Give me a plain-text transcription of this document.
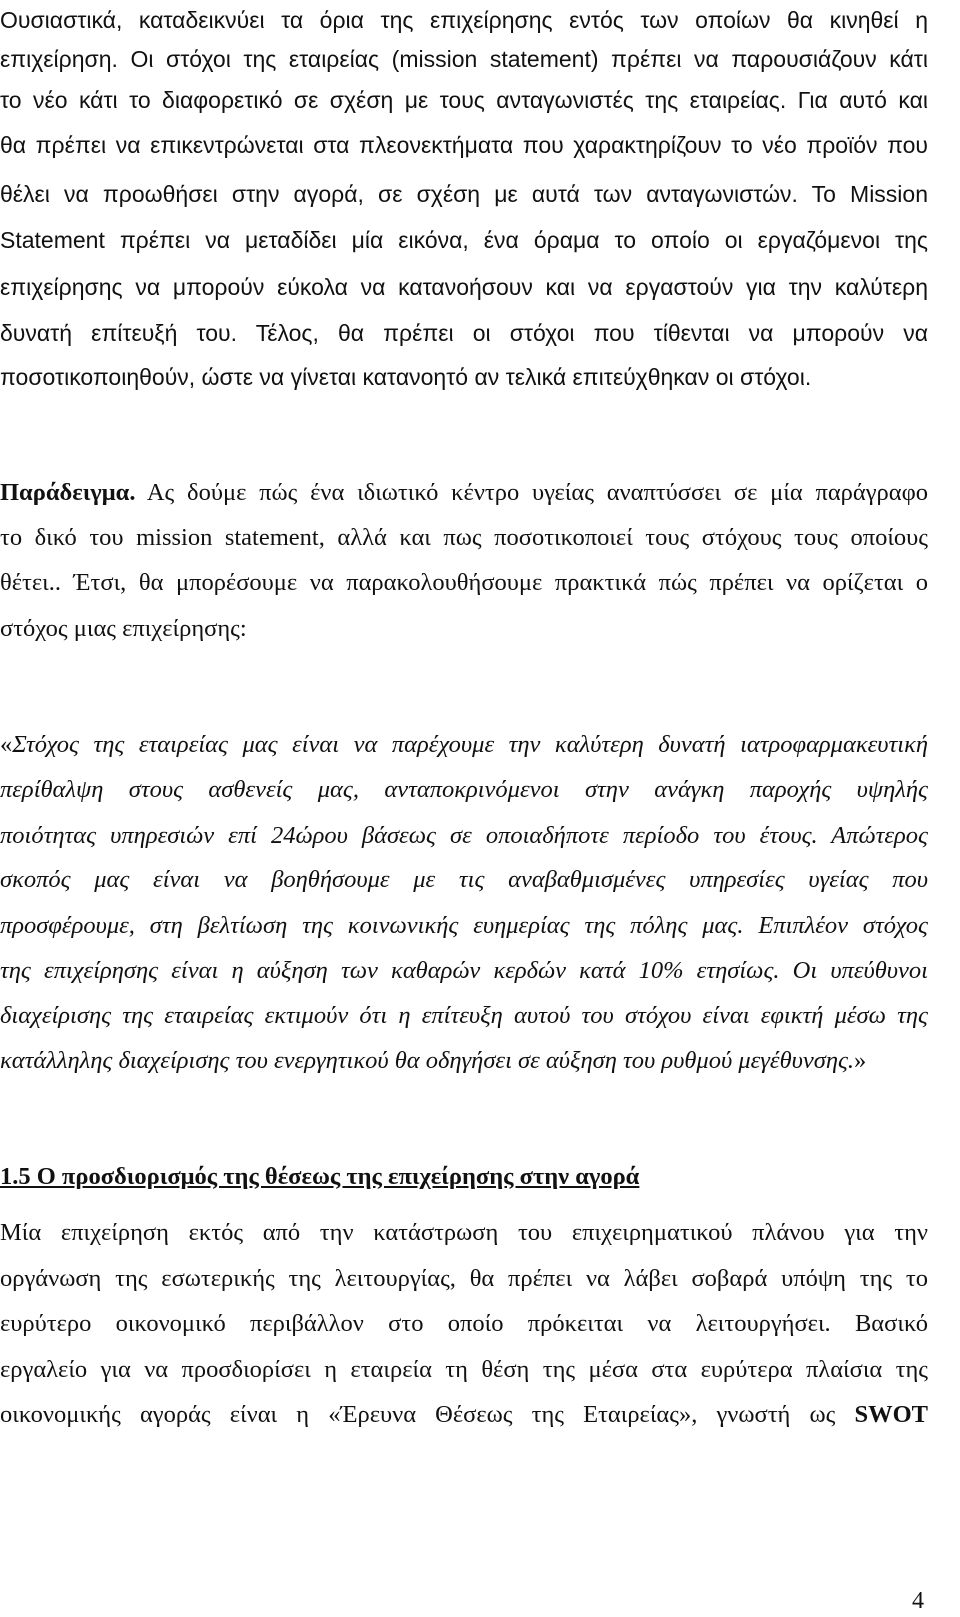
Ουσιαστικά, καταδεικνύει τα όρια της επιχείρησης εντός των οποίων θα κινηθεί η
επιχείρηση. Οι στόχοι της εταιρείας (mission statement) πρέπει να παρουσιάζουν κάτι
το νέο κάτι το διαφορετικό σε σχέση με τους ανταγωνιστές της εταιρείας. Για αυτό και
θα πρέπει να επικεντρώνεται στα πλεονεκτήματα που χαρακτηρίζουν το νέο προϊόν που
θέλει να προωθήσει στην αγορά, σε σχέση με αυτά των ανταγωνιστών. Το Mission
Statement πρέπει να μεταδίδει μία εικόνα, ένα όραμα το οποίο οι εργαζόμενοι της
επιχείρησης να μπορούν εύκολα να κατανοήσουν και να εργαστούν για την καλύτερη
δυνατή επίτευξή του. Τέλος, θα πρέπει οι στόχοι που τίθενται να μπορούν να
ποσοτικοποιηθούν, ώστε να γίνεται κατανοητό αν τελικά επιτεύχθηκαν οι στόχοι.
Παράδειγμα. Ας δούμε πώς ένα ιδιωτικό κέντρο υγείας αναπτύσσει σε μία παράγραφο
το δικό του mission statement, αλλά και πως ποσοτικοποιεί τους στόχους τους οποίους
θέτει.. Έτσι, θα μπορέσουμε να παρακολουθήσουμε πρακτικά πώς πρέπει να ορίζεται ο
στόχος μιας επιχείρησης:
«Στόχος της εταιρείας μας είναι να παρέχουμε την καλύτερη δυνατή ιατροφαρμακευτική
περίθαλψη στους ασθενείς μας, ανταποκρινόμενοι στην ανάγκη παροχής υψηλής
ποιότητας υπηρεσιών επί 24ώρου βάσεως σε οποιαδήποτε περίοδο του έτους. Απώτερος
σκοπός μας είναι να βοηθήσουμε με τις αναβαθμισμένες υπηρεσίες υγείας που
προσφέρουμε, στη βελτίωση της κοινωνικής ευημερίας της πόλης μας. Επιπλέον στόχος
της επιχείρησης είναι η αύξηση των καθαρών κερδών κατά 10% ετησίως. Οι υπεύθυνοι
διαχείρισης της εταιρείας εκτιμούν ότι η επίτευξη αυτού του στόχου είναι εφικτή μέσω της
κατάλληλης διαχείρισης του ενεργητικού θα οδηγήσει σε αύξηση του ρυθμού μεγέθυνσης.»
1.5 Ο προσδιορισμός της θέσεως της επιχείρησης στην αγορά
Μία επιχείρηση εκτός από την κατάστρωση του επιχειρηματικού πλάνου για την
οργάνωση της εσωτερικής της λειτουργίας, θα πρέπει να λάβει σοβαρά υπόψη της το
ευρύτερο οικονομικό περιβάλλον στο οποίο πρόκειται να λειτουργήσει. Βασικό
εργαλείο για να προσδιορίσει η εταιρεία τη θέση της μέσα στα ευρύτερα πλαίσια της
οικονομικής αγοράς είναι η «Έρευνα Θέσεως της Εταιρείας», γνωστή ως SWOT
4
